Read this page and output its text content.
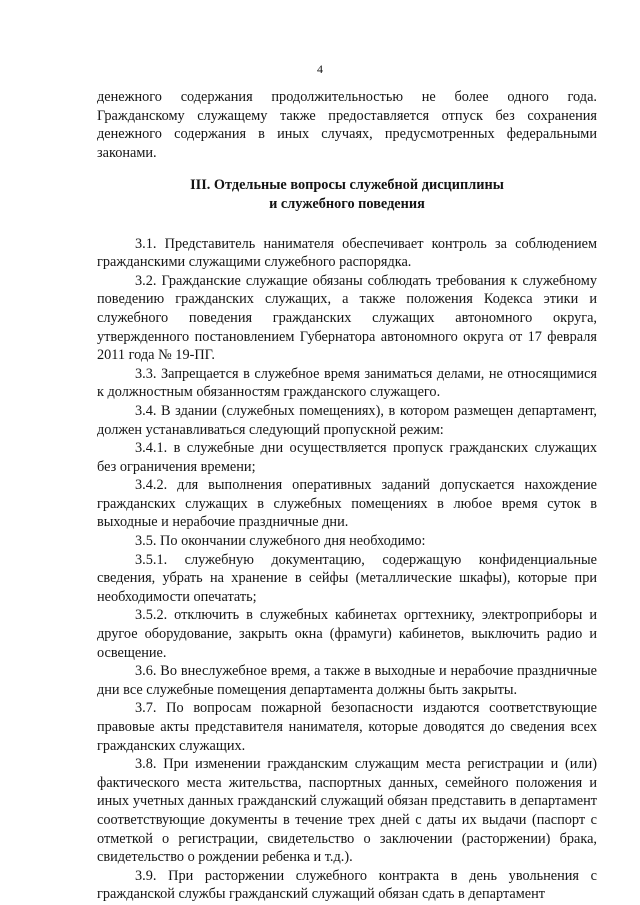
4

денежного содержания продолжительностью не более одного года. Гражданскому служащему также предоставляется отпуск без сохранения денежного содержания в иных случаях, предусмотренных федеральными законами.

III. Отдельные вопросы служебной дисциплины
и служебного поведения

3.1. Представитель нанимателя обеспечивает контроль за соблюдением гражданскими служащими служебного распорядка.

3.2. Гражданские служащие обязаны соблюдать требования к служебному поведению гражданских служащих, а также положения Кодекса этики и служебного поведения гражданских служащих автономного округа, утвержденного постановлением Губернатора автономного округа от 17 февраля 2011 года № 19-ПГ.

3.3. Запрещается в служебное время заниматься делами, не относящимися к должностным обязанностям гражданского служащего.

3.4. В здании (служебных помещениях), в котором размещен департамент, должен устанавливаться следующий пропускной режим:

3.4.1. в служебные дни осуществляется пропуск гражданских служащих без ограничения времени;

3.4.2. для выполнения оперативных заданий допускается нахождение гражданских служащих в служебных помещениях в любое время суток в выходные и нерабочие праздничные дни.

3.5. По окончании служебного дня необходимо:

3.5.1. служебную документацию, содержащую конфиденциальные сведения, убрать на хранение в сейфы (металлические шкафы), которые при необходимости опечатать;

3.5.2. отключить в служебных кабинетах оргтехнику, электроприборы и другое оборудование, закрыть окна (фрамуги) кабинетов, выключить радио и освещение.

3.6. Во внеслужебное время, а также в выходные и нерабочие праздничные дни все служебные помещения департамента должны быть закрыты.

3.7. По вопросам пожарной безопасности издаются соответствующие правовые акты представителя нанимателя, которые доводятся до сведения всех гражданских служащих.

3.8. При изменении гражданским служащим места регистрации и (или) фактического места жительства, паспортных данных, семейного положения и иных учетных данных гражданский служащий обязан представить в департамент соответствующие документы в течение трех дней с даты их выдачи (паспорт с отметкой о регистрации, свидетельство о заключении (расторжении) брака, свидетельство о рождении ребенка и т.д.).

3.9. При расторжении служебного контракта в день увольнения с гражданской службы гражданский служащий обязан сдать в департамент
